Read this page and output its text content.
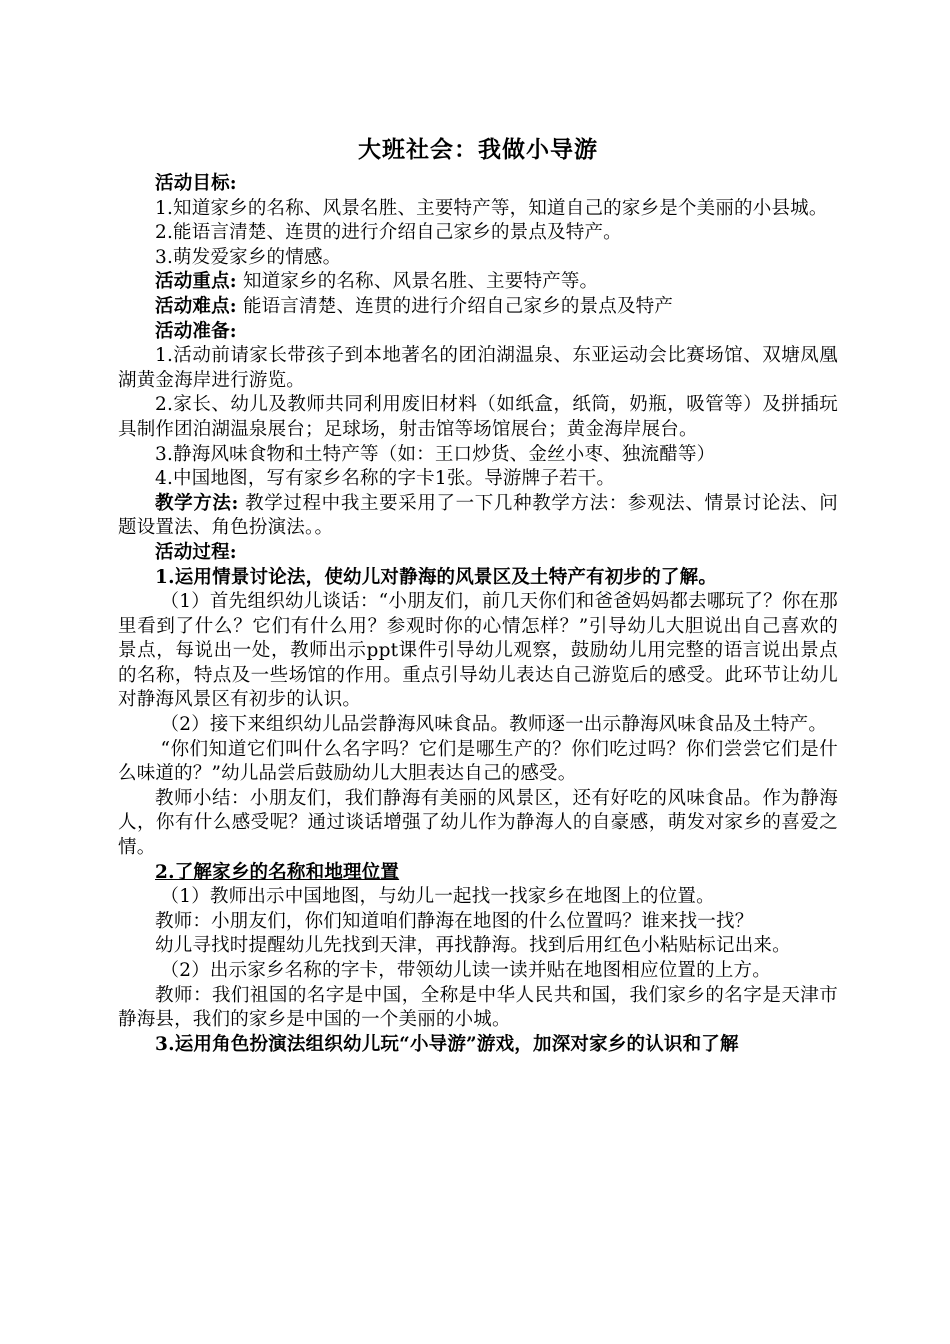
大班社会：我做小导游

活动目标:

1.知道家乡的名称、风景名胜、主要特产等，知道自己的家乡是个美丽的小县城。

2.能语言清楚、连贯的进行介绍自己家乡的景点及特产。

3.萌发爱家乡的情感。

活动重点: 知道家乡的名称、风景名胜、主要特产等。

活动难点: 能语言清楚、连贯的进行介绍自己家乡的景点及特产

活动准备:

1.活动前请家长带孩子到本地著名的团泊湖温泉、东亚运动会比赛场馆、双塘凤凰湖黄金海岸进行游览。

2.家长、幼儿及教师共同利用废旧材料（如纸盒，纸筒，奶瓶，吸管等）及拼插玩具制作团泊湖温泉展台；足球场，射击馆等场馆展台；黄金海岸展台。

3.静海风味食物和土特产等（如：王口炒货、金丝小枣、独流醋等）

4.中国地图，写有家乡名称的字卡1张。导游牌子若干。

教学方法: 教学过程中我主要采用了一下几种教学方法：参观法、情景讨论法、问题设置法、角色扮演法。。

活动过程:

1.运用情景讨论法，使幼儿对静海的风景区及土特产有初步的了解。

（1）首先组织幼儿谈话：“小朋友们，前几天你们和爸爸妈妈都去哪玩了？你在那里看到了什么？它们有什么用？参观时你的心情怎样？”引导幼儿大胆说出自己喜欢的景点，每说出一处，教师出示ppt课件引导幼儿观察，鼓励幼儿用完整的语言说出景点的名称，特点及一些场馆的作用。重点引导幼儿表达自己游览后的感受。此环节让幼儿对静海风景区有初步的认识。

（2）接下来组织幼儿品尝静海风味食品。教师逐一出示静海风味食品及土特产。

“你们知道它们叫什么名字吗？它们是哪生产的？你们吃过吗？你们尝尝它们是什么味道的？”幼儿品尝后鼓励幼儿大胆表达自己的感受。

教师小结：小朋友们，我们静海有美丽的风景区，还有好吃的风味食品。作为静海人，你有什么感受呢？通过谈话增强了幼儿作为静海人的自豪感，萌发对家乡的喜爱之情。

2.了解家乡的名称和地理位置

（1）教师出示中国地图，与幼儿一起找一找家乡在地图上的位置。

教师：小朋友们，你们知道咱们静海在地图的什么位置吗？谁来找一找？

幼儿寻找时提醒幼儿先找到天津，再找静海。找到后用红色小粘贴标记出来。

（2）出示家乡名称的字卡，带领幼儿读一读并贴在地图相应位置的上方。

教师：我们祖国的名字是中国，全称是中华人民共和国，我们家乡的名字是天津市静海县，我们的家乡是中国的一个美丽的小城。

3.运用角色扮演法组织幼儿玩“小导游”游戏，加深对家乡的认识和了解
